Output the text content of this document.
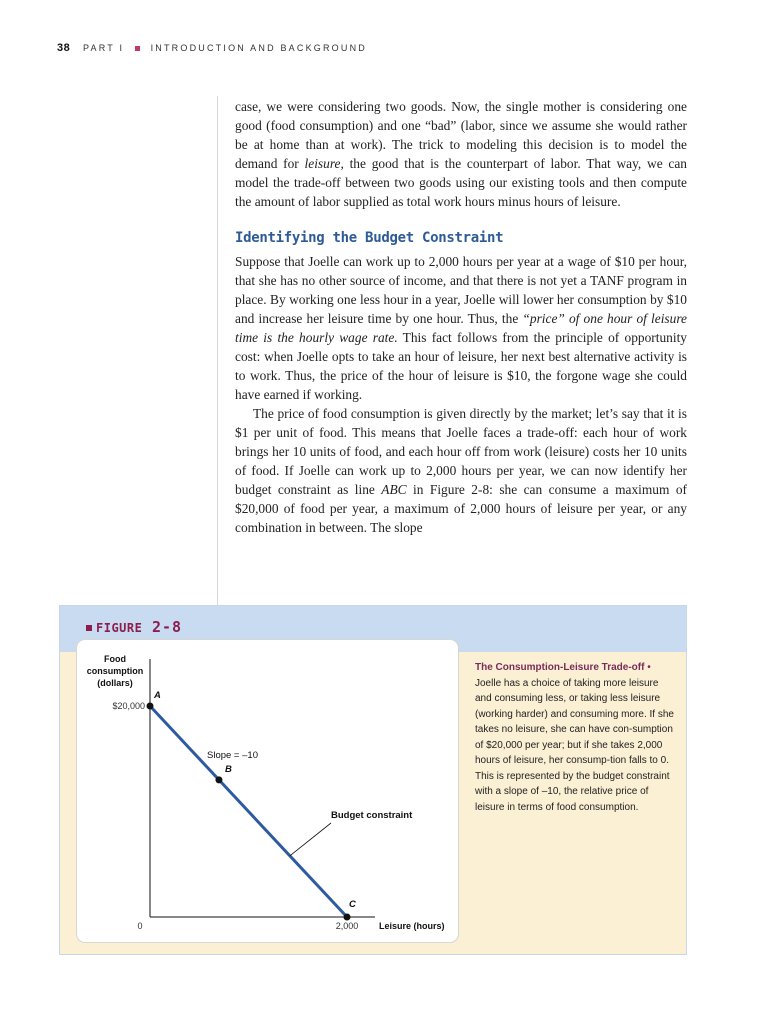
38 PART I	INTRODUCTION AND BACKGROUND

case, we were considering two goods. Now, the single mother is considering one good (food consumption) and one “bad” (labor, since we assume she would rather be at home than at work). The trick to modeling this decision is to model the demand for leisure, the good that is the counterpart of labor. That way, we can model the trade-off between two goods using our existing tools and then compute the amount of labor supplied as total work hours minus hours of leisure.

Identifying the Budget Constraint

Suppose that Joelle can work up to 2,000 hours per year at a wage of $10 per hour, that she has no other source of income, and that there is not yet a TANF program in place. By working one less hour in a year, Joelle will lower her consumption by $10 and increase her leisure time by one hour. Thus, the “price” of one hour of leisure time is the hourly wage rate. This fact follows from the principle of opportunity cost: when Joelle opts to take an hour of leisure, her next best alternative activity is to work. Thus, the price of the hour of leisure is $10, the forgone wage she could have earned if working.

The price of food consumption is given directly by the market; let’s say that it is $1 per unit of food. This means that Joelle faces a trade-off: each hour of work brings her 10 units of food, and each hour off from work (leisure) costs her 10 units of food. If Joelle can work up to 2,000 hours per year, we can now identify her budget constraint as line ABC in Figure 2-8: she can consume a maximum of $20,000 of food per year, a maximum of 2,000 hours of leisure per year, or any combination in between. The slope

FIGURE 2-8
Food
consumption
(dollars)
0
$20,000
2,000 Leisure (hours)
Slope = –10
Budget constraint
A
B
C
The Consumption-Leisure Trade-off • Joelle has a choice of taking more leisure and consuming less, or taking less leisure (working harder) and consuming more. If she takes no leisure, she can have con-sumption of $20,000 per year; but if she takes 2,000 hours of leisure, her consump-tion falls to 0. This is represented by the budget constraint with a slope of –10, the relative price of leisure in terms of food consumption.
